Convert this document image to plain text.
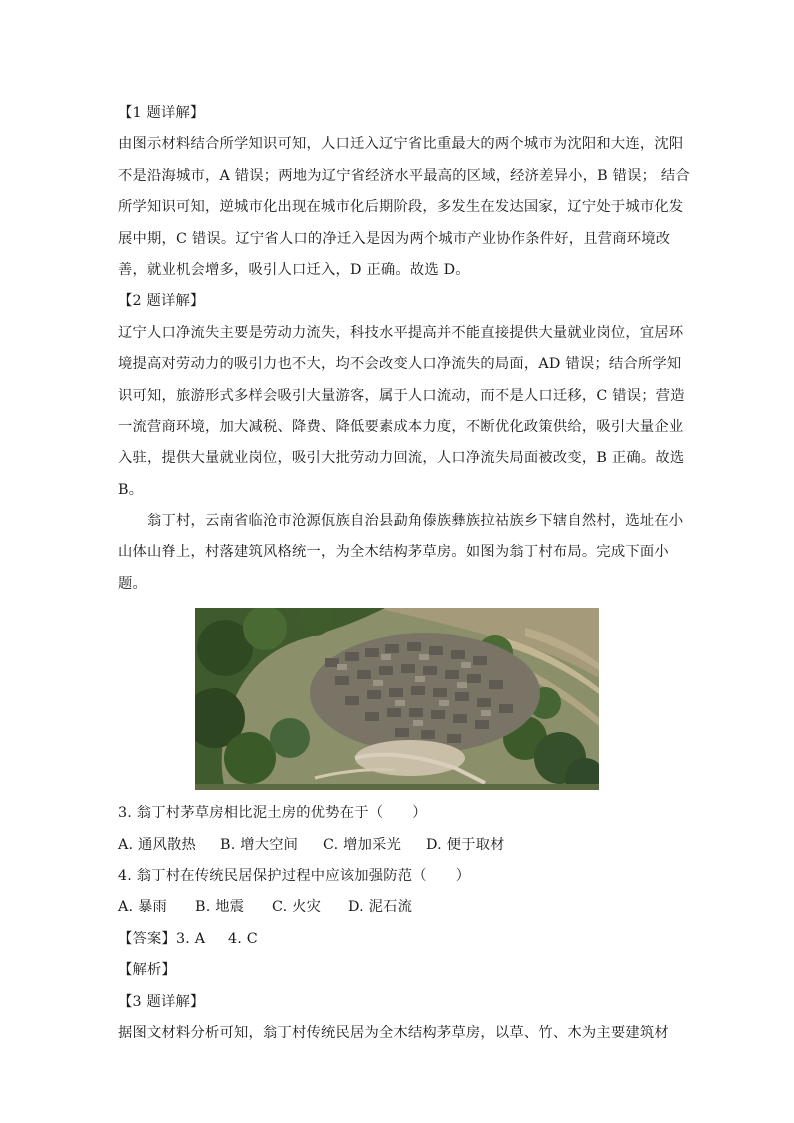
【1 题详解】
由图示材料结合所学知识可知，人口迁入辽宁省比重最大的两个城市为沈阳和大连，沈阳
不是沿海城市，A 错误；两地为辽宁省经济水平最高的区域，经济差异小，B 错误； 结合
所学知识可知，逆城市化出现在城市化后期阶段，多发生在发达国家，辽宁处于城市化发
展中期，C 错误。辽宁省人口的净迁入是因为两个城市产业协作条件好，且营商环境改
善，就业机会增多，吸引人口迁入，D 正确。故选 D。
【2 题详解】
辽宁人口净流失主要是劳动力流失，科技水平提高并不能直接提供大量就业岗位，宜居环
境提高对劳动力的吸引力也不大，均不会改变人口净流失的局面，AD 错误；结合所学知
识可知，旅游形式多样会吸引大量游客，属于人口流动，而不是人口迁移，C 错误；营造
一流营商环境，加大减税、降费、降低要素成本力度，不断优化政策供给，吸引大量企业
入驻，提供大量就业岗位，吸引大批劳动力回流，人口净流失局面被改变，B 正确。故选
B。
翁丁村，云南省临沧市沧源佤族自治县勐角傣族彝族拉祜族乡下辖自然村，选址在小
山体山脊上，村落建筑风格统一，为全木结构茅草房。如图为翁丁村布局。完成下面小
题。
3. 翁丁村茅草房相比泥土房的优势在于（　　）
A. 通风散热 B. 增大空间 C. 增加采光 D. 便于取材
4. 翁丁村在传统民居保护过程中应该加强防范（　　）
A. 暴雨 B. 地震 C. 火灾 D. 泥石流
【答案】3. A 4. C
【解析】
【3 题详解】
据图文材料分析可知，翁丁村传统民居为全木结构茅草房，以草、竹、木为主要建筑材
